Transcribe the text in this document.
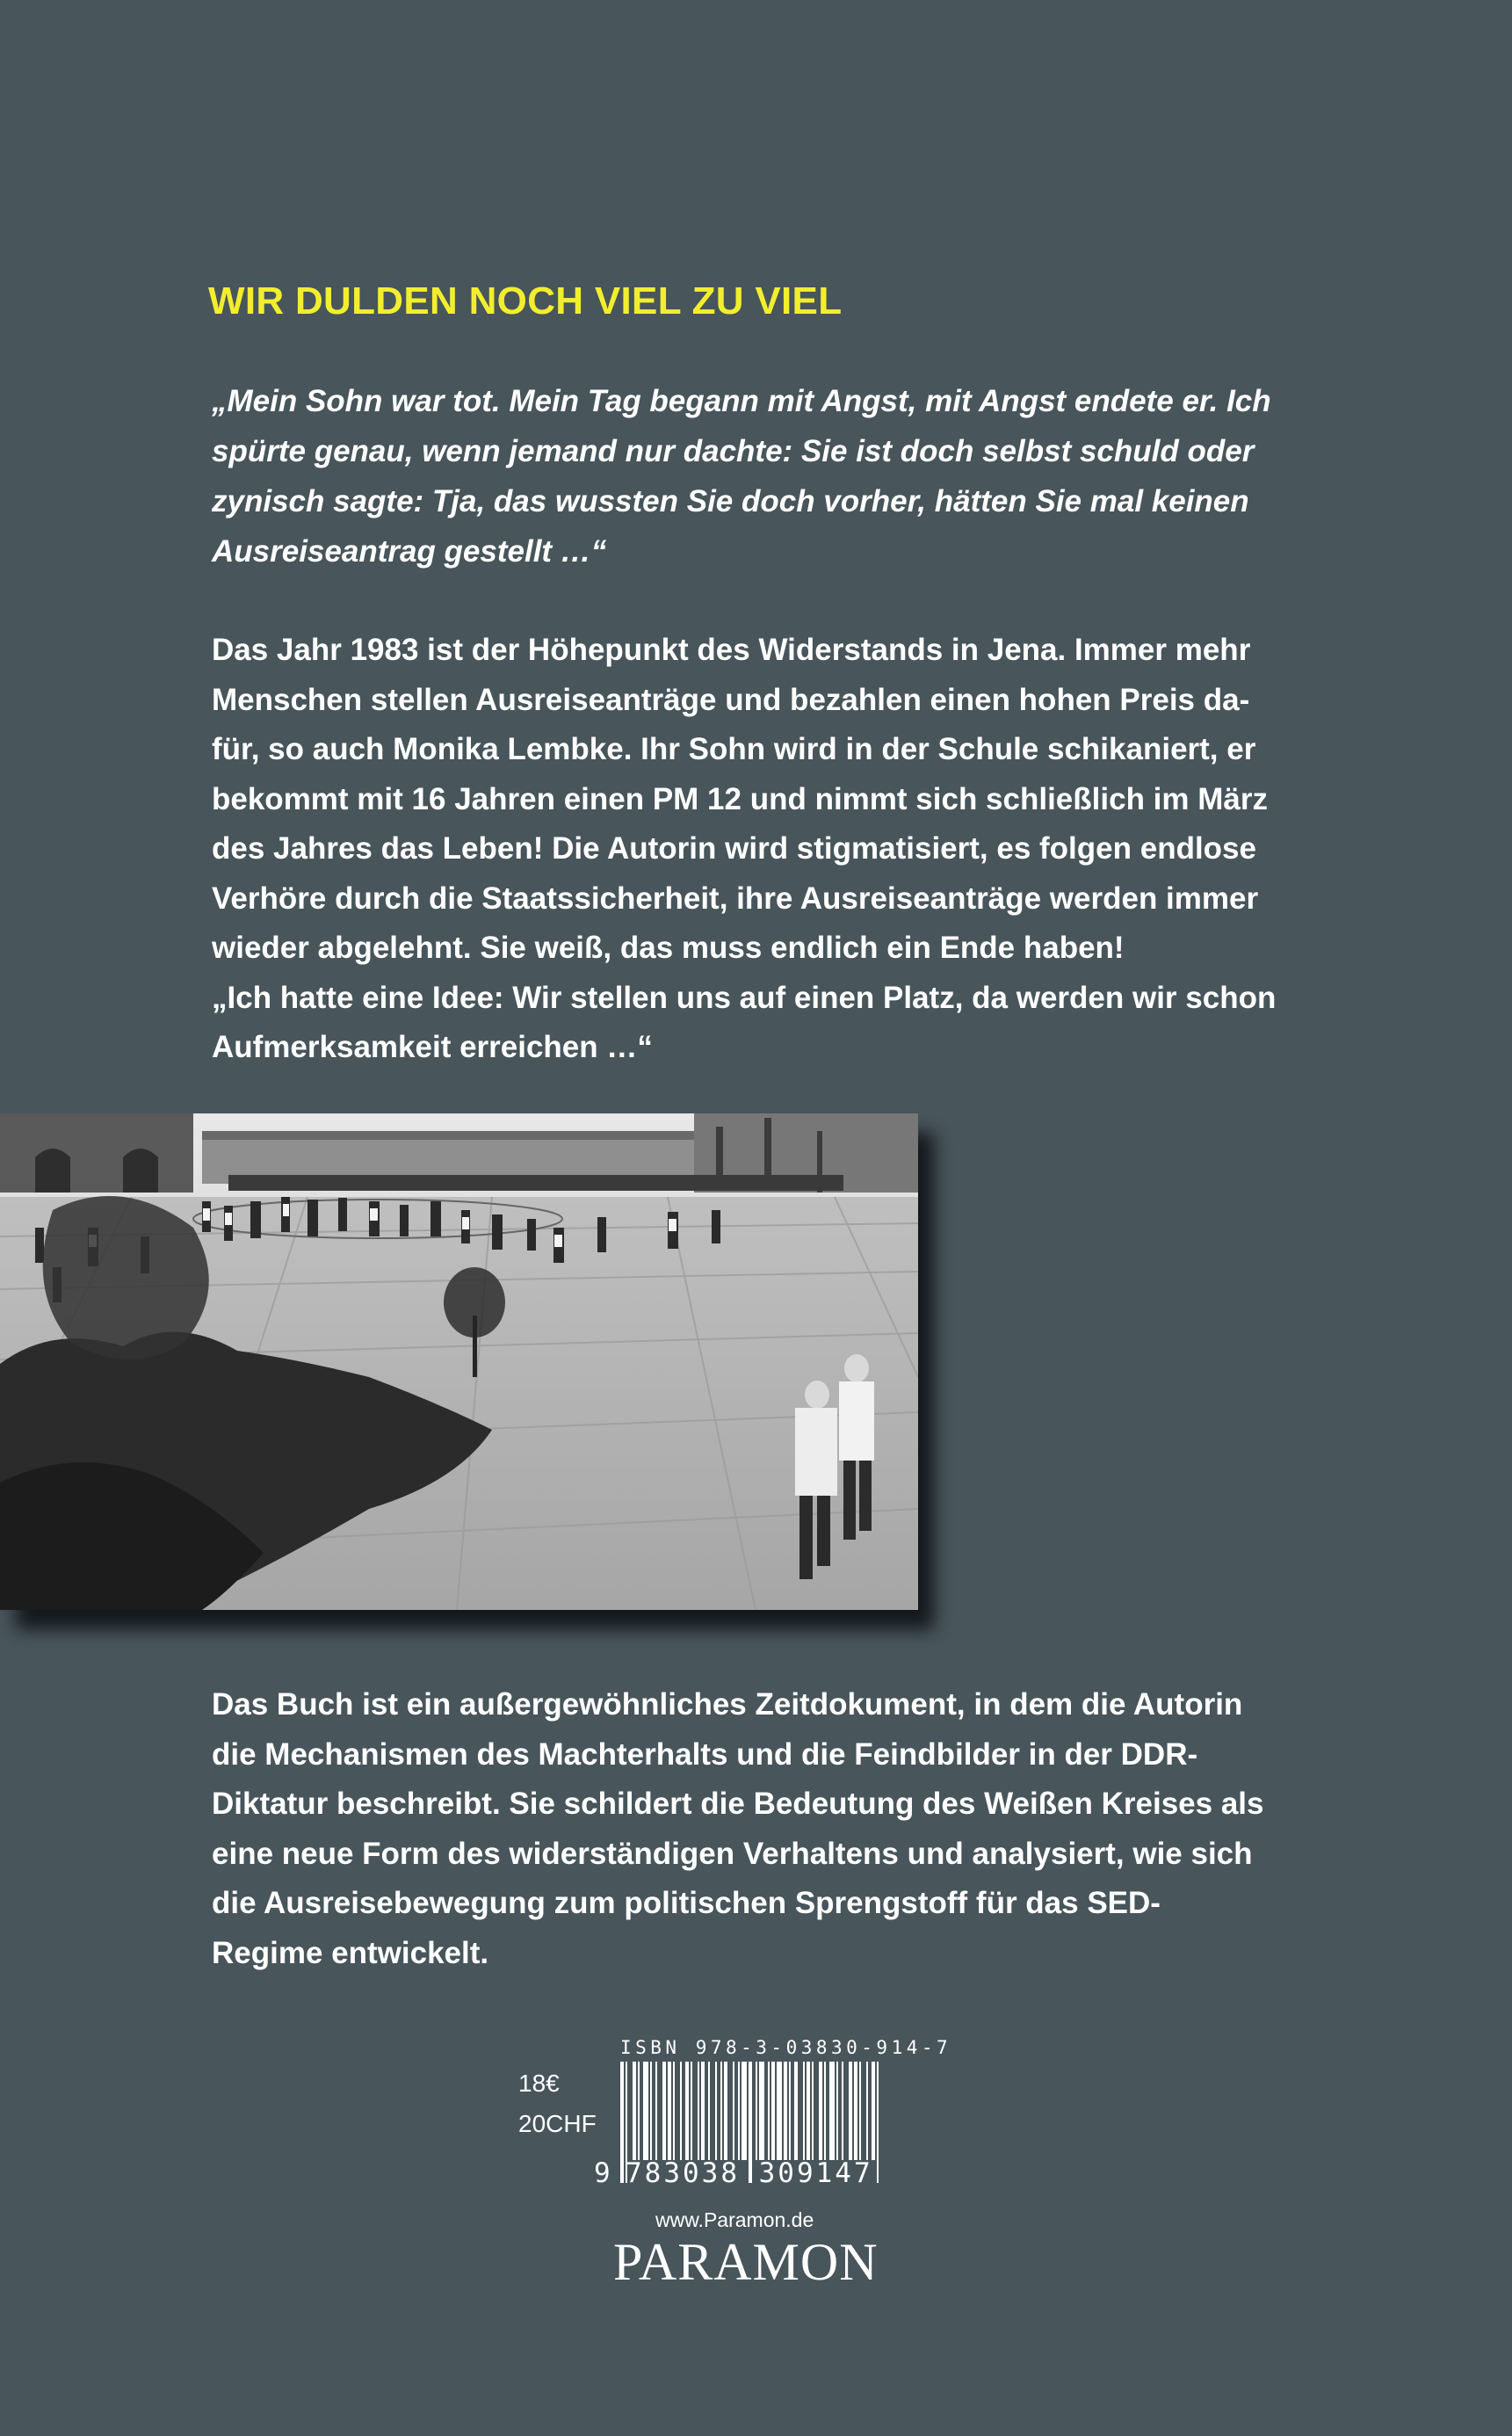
WIR DULDEN NOCH VIEL ZU VIEL

„Mein Sohn war tot. Mein Tag begann mit Angst, mit Angst endete er. Ich
spürte genau, wenn jemand nur dachte: Sie ist doch selbst schuld oder
zynisch sagte: Tja, das wussten Sie doch vorher, hätten Sie mal keinen
Ausreiseantrag gestellt …“

Das Jahr 1983 ist der Höhepunkt des Widerstands in Jena. Immer mehr
Menschen stellen Ausreiseanträge und bezahlen einen hohen Preis da-
für, so auch Monika Lembke. Ihr Sohn wird in der Schule schikaniert, er
bekommt mit 16 Jahren einen PM 12 und nimmt sich schließlich im März
des Jahres das Leben! Die Autorin wird stigmatisiert, es folgen endlose
Verhöre durch die Staatssicherheit, ihre Ausreiseanträge werden immer
wieder abgelehnt. Sie weiß, das muss endlich ein Ende haben!
„Ich hatte eine Idee: Wir stellen uns auf einen Platz, da werden wir schon
Aufmerksamkeit erreichen …“

Das Buch ist ein außergewöhnliches Zeitdokument, in dem die Autorin
die Mechanismen des Machterhalts und die Feindbilder in der DDR-
Diktatur beschreibt. Sie schildert die Bedeutung des Weißen Kreises als
eine neue Form des widerständigen Verhaltens und analysiert, wie sich
die Ausreisebewegung zum politischen Sprengstoff für das SED-
Regime entwickelt.

18€
20CHF
ISBN 978-3-03830-914-7
9 783038 309147
www.Paramon.de
PARAMON
